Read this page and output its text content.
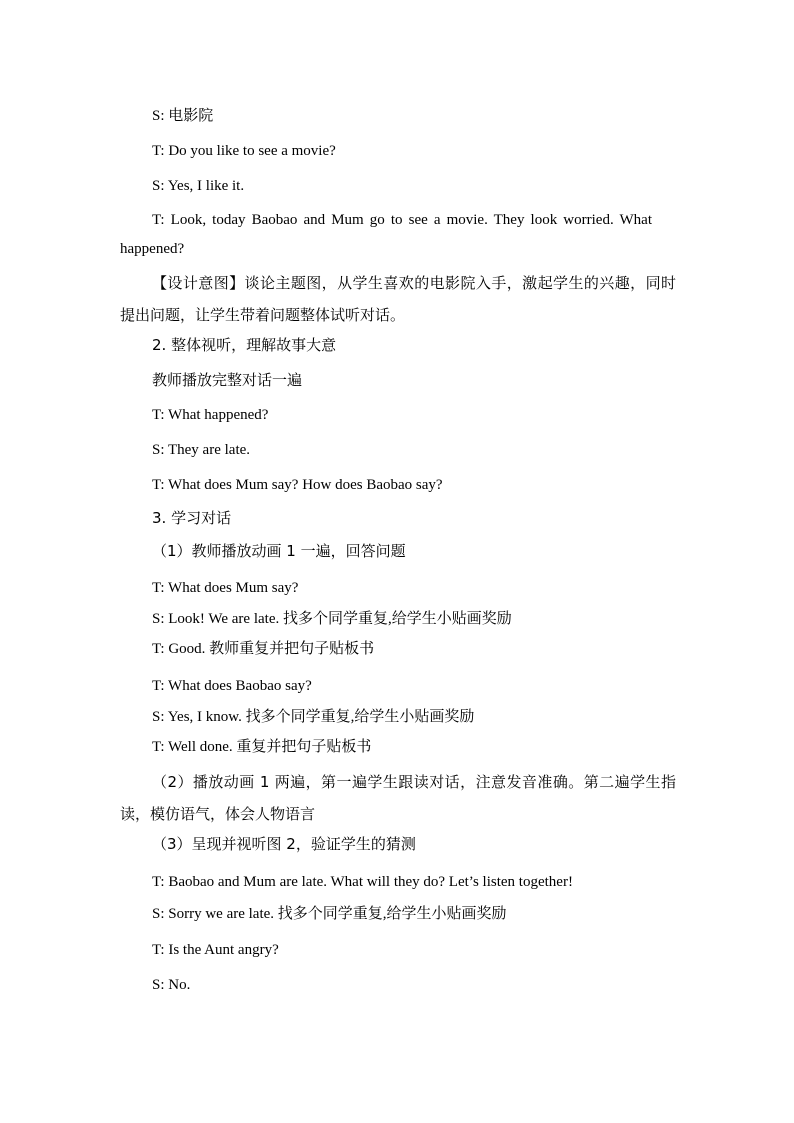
S: 电影院
T: Do you like to see a movie?
S: Yes, I like it.
T: Look, today Baobao and Mum go to see a movie. They look worried. What
happened?
【设计意图】谈论主题图，从学生喜欢的电影院入手，激起学生的兴趣，同时提出问题，让学生带着问题整体试听对话。
2. 整体视听，理解故事大意
教师播放完整对话一遍
T: What happened?
S: They are late.
T: What does Mum say? How does Baobao say?
3. 学习对话
（1）教师播放动画 1 一遍，回答问题
T: What does Mum say?
S: Look! We are late. 找多个同学重复,给学生小贴画奖励
T: Good. 教师重复并把句子贴板书
T: What does Baobao say?
S: Yes, I know. 找多个同学重复,给学生小贴画奖励
T: Well done. 重复并把句子贴板书
（2）播放动画 1 两遍，第一遍学生跟读对话，注意发音准确。第二遍学生指读，模仿语气，体会人物语言
（3）呈现并视听图 2，验证学生的猜测
T: Baobao and Mum are late. What will they do? Let’s listen together!
S: Sorry we are late. 找多个同学重复,给学生小贴画奖励
T: Is the Aunt angry?
S: No.
